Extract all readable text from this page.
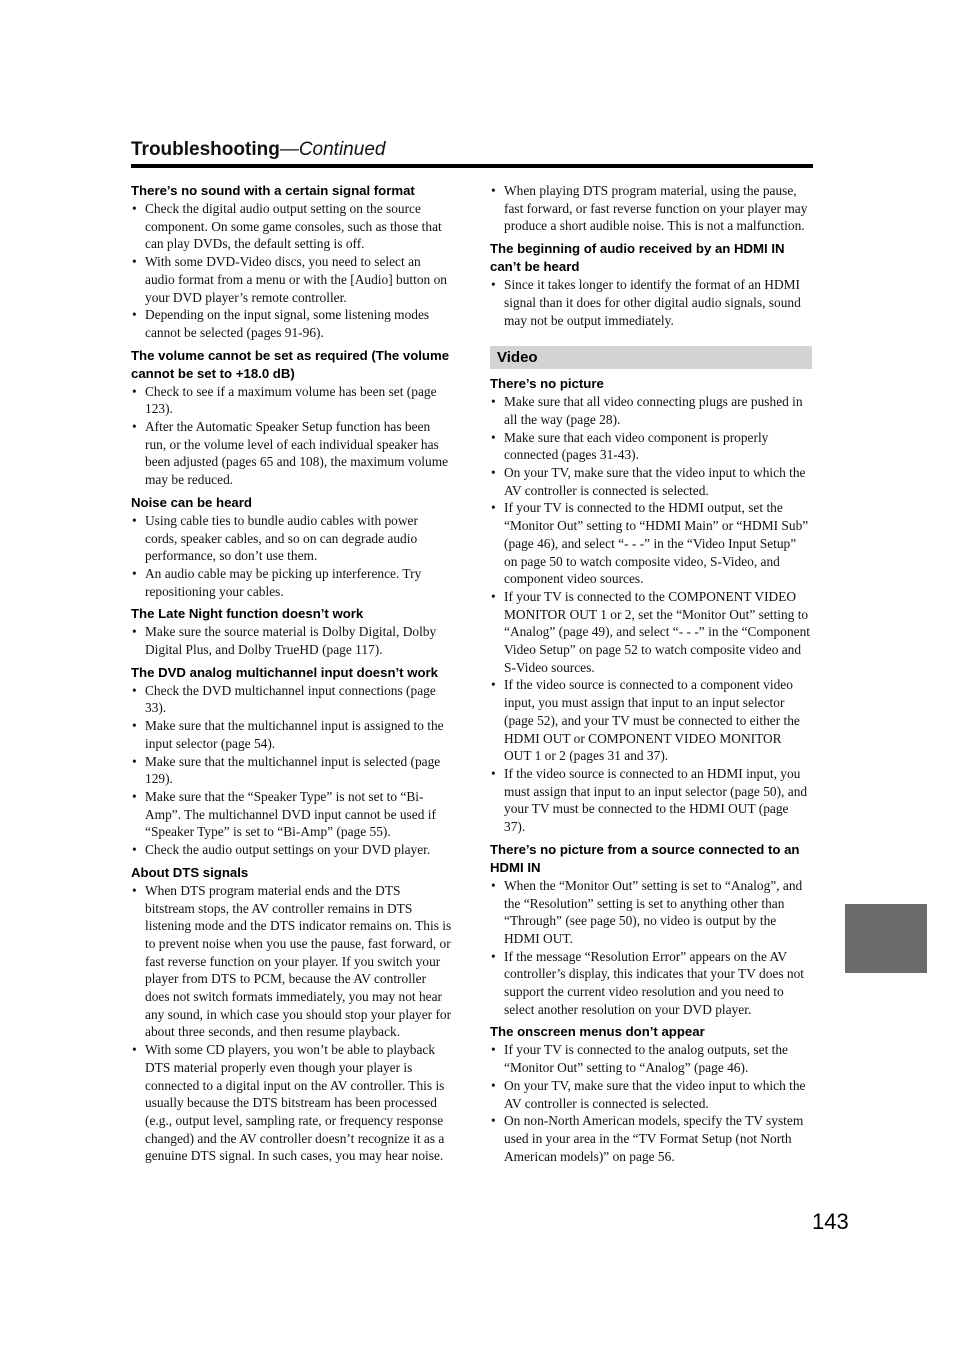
Troubleshooting—Continued
There’s no sound with a certain signal format
• Check the digital audio output setting on the source component. On some game consoles, such as those that can play DVDs, the default setting is off.
• With some DVD-Video discs, you need to select an audio format from a menu or with the [Audio] button on your DVD player’s remote controller.
• Depending on the input signal, some listening modes cannot be selected (pages 91-96).
The volume cannot be set as required (The volume cannot be set to +18.0 dB)
• Check to see if a maximum volume has been set (page 123).
• After the Automatic Speaker Setup function has been run, or the volume level of each individual speaker has been adjusted (pages 65 and 108), the maximum volume may be reduced.
Noise can be heard
• Using cable ties to bundle audio cables with power cords, speaker cables, and so on can degrade audio performance, so don’t use them.
• An audio cable may be picking up interference. Try repositioning your cables.
The Late Night function doesn’t work
• Make sure the source material is Dolby Digital, Dolby Digital Plus, and Dolby TrueHD (page 117).
The DVD analog multichannel input doesn’t work
• Check the DVD multichannel input connections (page 33).
• Make sure that the multichannel input is assigned to the input selector (page 54).
• Make sure that the multichannel input is selected (page 129).
• Make sure that the “Speaker Type” is not set to “Bi-Amp”. The multichannel DVD input cannot be used if “Speaker Type” is set to “Bi-Amp” (page 55).
• Check the audio output settings on your DVD player.
About DTS signals
• When DTS program material ends and the DTS bitstream stops, the AV controller remains in DTS listening mode and the DTS indicator remains on. This is to prevent noise when you use the pause, fast forward, or fast reverse function on your player. If you switch your player from DTS to PCM, because the AV controller does not switch formats immediately, you may not hear any sound, in which case you should stop your player for about three seconds, and then resume playback.
• With some CD players, you won’t be able to playback DTS material properly even though your player is connected to a digital input on the AV controller. This is usually because the DTS bitstream has been processed (e.g., output level, sampling rate, or frequency response changed) and the AV controller doesn’t recognize it as a genuine DTS signal. In such cases, you may hear noise.
• When playing DTS program material, using the pause, fast forward, or fast reverse function on your player may produce a short audible noise. This is not a malfunction.
The beginning of audio received by an HDMI IN can’t be heard
• Since it takes longer to identify the format of an HDMI signal than it does for other digital audio signals, sound may not be output immediately.
Video
There’s no picture
• Make sure that all video connecting plugs are pushed in all the way (page 28).
• Make sure that each video component is properly connected (pages 31-43).
• On your TV, make sure that the video input to which the AV controller is connected is selected.
• If your TV is connected to the HDMI output, set the “Monitor Out” setting to “HDMI Main” or “HDMI Sub” (page 46), and select “- - -” in the “Video Input Setup” on page 50 to watch composite video, S-Video, and component video sources.
• If your TV is connected to the COMPONENT VIDEO MONITOR OUT 1 or 2, set the “Monitor Out” setting to “Analog” (page 49), and select “- - -” in the “Component Video Setup” on page 52 to watch composite video and S-Video sources.
• If the video source is connected to a component video input, you must assign that input to an input selector (page 52), and your TV must be connected to either the HDMI OUT or COMPONENT VIDEO MONITOR OUT 1 or 2 (pages 31 and 37).
• If the video source is connected to an HDMI input, you must assign that input to an input selector (page 50), and your TV must be connected to the HDMI OUT (page 37).
There’s no picture from a source connected to an HDMI IN
• When the “Monitor Out” setting is set to “Analog”, and the “Resolution” setting is set to anything other than “Through” (see page 50), no video is output by the HDMI OUT.
• If the message “Resolution Error” appears on the AV controller’s display, this indicates that your TV does not support the current video resolution and you need to select another resolution on your DVD player.
The onscreen menus don’t appear
• If your TV is connected to the analog outputs, set the “Monitor Out” setting to “Analog” (page 46).
• On your TV, make sure that the video input to which the AV controller is connected is selected.
• On non-North American models, specify the TV system used in your area in the “TV Format Setup (not North American models)” on page 56.
143
